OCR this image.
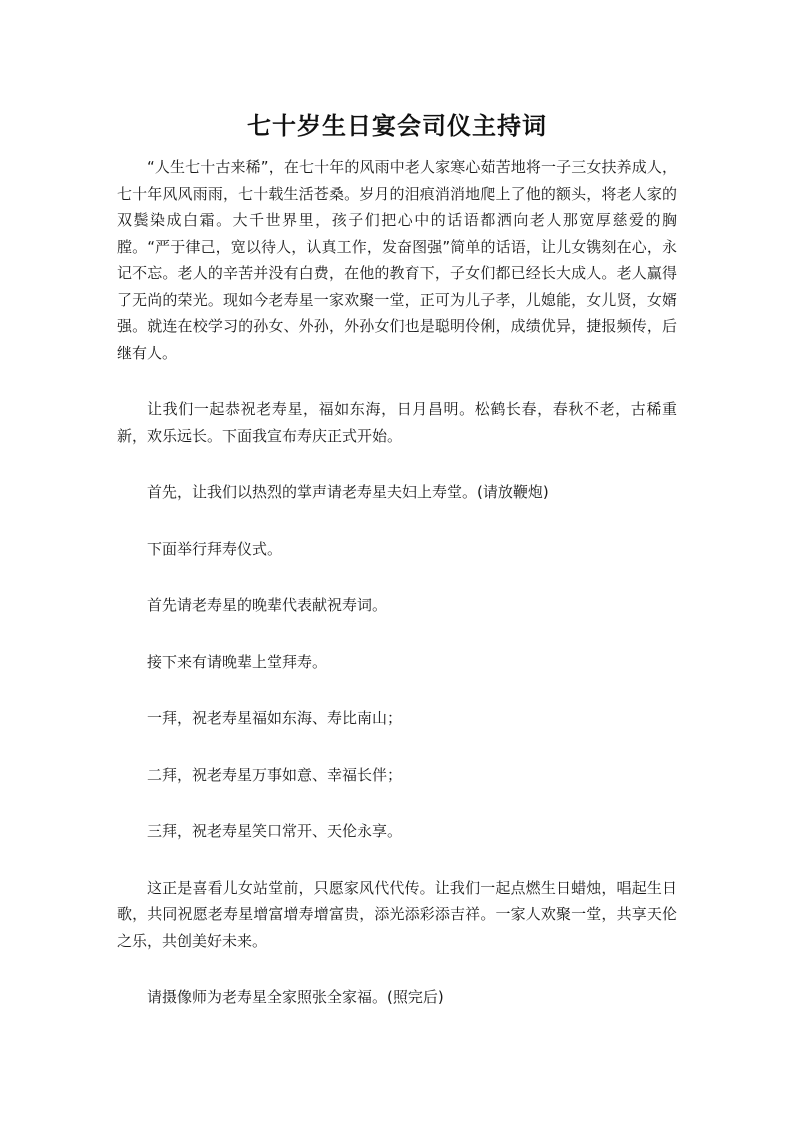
七十岁生日宴会司仪主持词

“人生七十古来稀”，在七十年的风雨中老人家寒心茹苦地将一子三女扶养成人，七十年风风雨雨，七十载生活苍桑。岁月的泪痕消消地爬上了他的额头，将老人家的双鬓染成白霜。大千世界里，孩子们把心中的话语都洒向老人那宽厚慈爱的胸膛。“严于律己，宽以待人，认真工作，发奋图强”简单的话语，让儿女镌刻在心，永记不忘。老人的辛苦并没有白费，在他的教育下，子女们都已经长大成人。老人赢得了无尚的荣光。现如今老寿星一家欢聚一堂，正可为儿子孝，儿媳能，女儿贤，女婿强。就连在校学习的孙女、外孙，外孙女们也是聪明伶俐，成绩优异，捷报频传，后继有人。

让我们一起恭祝老寿星，福如东海，日月昌明。松鹤长春，春秋不老，古稀重新，欢乐远长。下面我宣布寿庆正式开始。

首先，让我们以热烈的掌声请老寿星夫妇上寿堂。(请放鞭炮)

下面举行拜寿仪式。

首先请老寿星的晚辈代表献祝寿词。

接下来有请晚辈上堂拜寿。

一拜，祝老寿星福如东海、寿比南山；

二拜，祝老寿星万事如意、幸福长伴；

三拜，祝老寿星笑口常开、天伦永享。

这正是喜看儿女站堂前，只愿家风代代传。让我们一起点燃生日蜡烛，唱起生日歌，共同祝愿老寿星增富增寿增富贵，添光添彩添吉祥。一家人欢聚一堂，共享天伦之乐，共创美好未来。

请摄像师为老寿星全家照张全家福。(照完后)
